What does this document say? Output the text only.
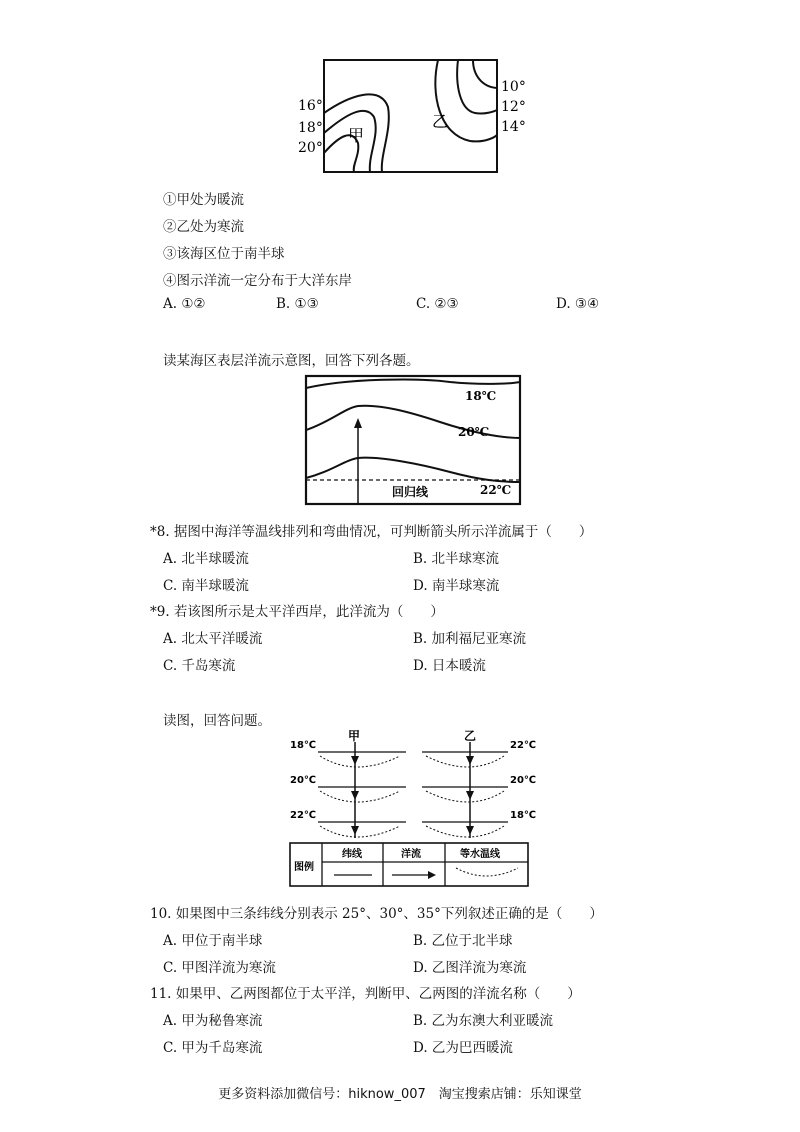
16°
18°
20°
10°
12°
14°
甲
乙
①甲处为暖流
②乙处为寒流
③该海区位于南半球
④图示洋流一定分布于大洋东岸
A. ①②	B. ①③	C. ②③	D. ③④
读某海区表层洋流示意图，回答下列各题。
18℃
20℃
22℃
回归线
*8. 据图中海洋等温线排列和弯曲情况，可判断箭头所示洋流属于（　　）
A. 北半球暖流	B. 北半球寒流
C. 南半球暖流	D. 南半球寒流
*9. 若该图所示是太平洋西岸，此洋流为（　　）
A. 北太平洋暖流	B. 加利福尼亚寒流
C. 千岛寒流	D. 日本暖流
读图，回答问题。
甲
18℃
20℃
22℃
乙
22℃
20℃
18℃
图例
纬线	洋流	等水温线
10. 如果图中三条纬线分别表示 25°、30°、35°下列叙述正确的是（　　）
A. 甲位于南半球	B. 乙位于北半球
C. 甲图洋流为寒流	D. 乙图洋流为寒流
11. 如果甲、乙两图都位于太平洋，判断甲、乙两图的洋流名称（　　）
A. 甲为秘鲁寒流	B. 乙为东澳大利亚暖流
C. 甲为千岛寒流	D. 乙为巴西暖流
更多资料添加微信号：hiknow_007　淘宝搜索店铺：乐知课堂
